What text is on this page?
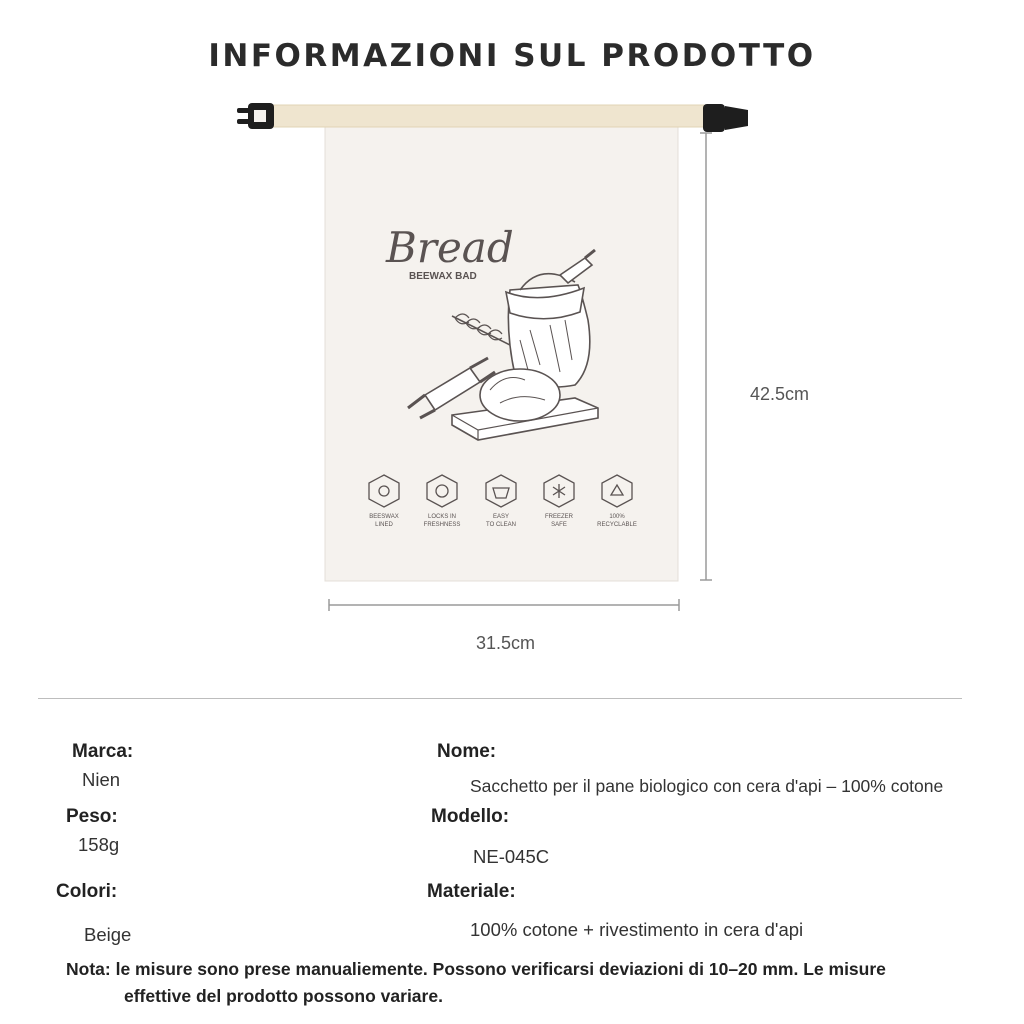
INFORMAZIONI SUL PRODOTTO
Bread
BEEWAX BAD
BEESWAX
LINED
LOCKS IN
FRESHNESS
EASY
TO CLEAN
FREEZER
SAFE
100%
RECYCLABLE
31.5cm
42.5cm
Marca:
Nien
Peso:
158g
Colori:
Beige
Nome:
Sacchetto per il pane biologico con cera d'api – 100% cotone
Modello:
NE-045C
Materiale:
100% cotone + rivestimento in cera d'api
Nota: le misure sono prese manualiemente. Possono verificarsi deviazioni di 10–20 mm. Le misure
effettive del prodotto possono variare.
